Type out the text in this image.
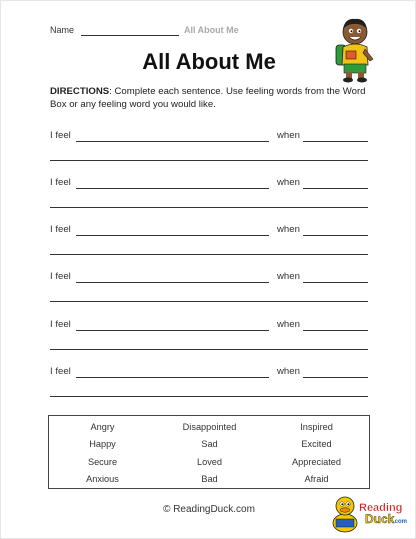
Name	All About Me
All About Me
DIRECTIONS: Complete each sentence. Use feeling words from the Word Box or any feeling word you would like.
I feel	when
I feel	when
I feel	when
I feel	when
I feel	when
I feel	when
Angry	Disappointed	Inspired
Happy	Sad	Excited
Secure	Loved	Appreciated
Anxious	Bad	Afraid
© ReadingDuck.com	Reading
Duck
.com
